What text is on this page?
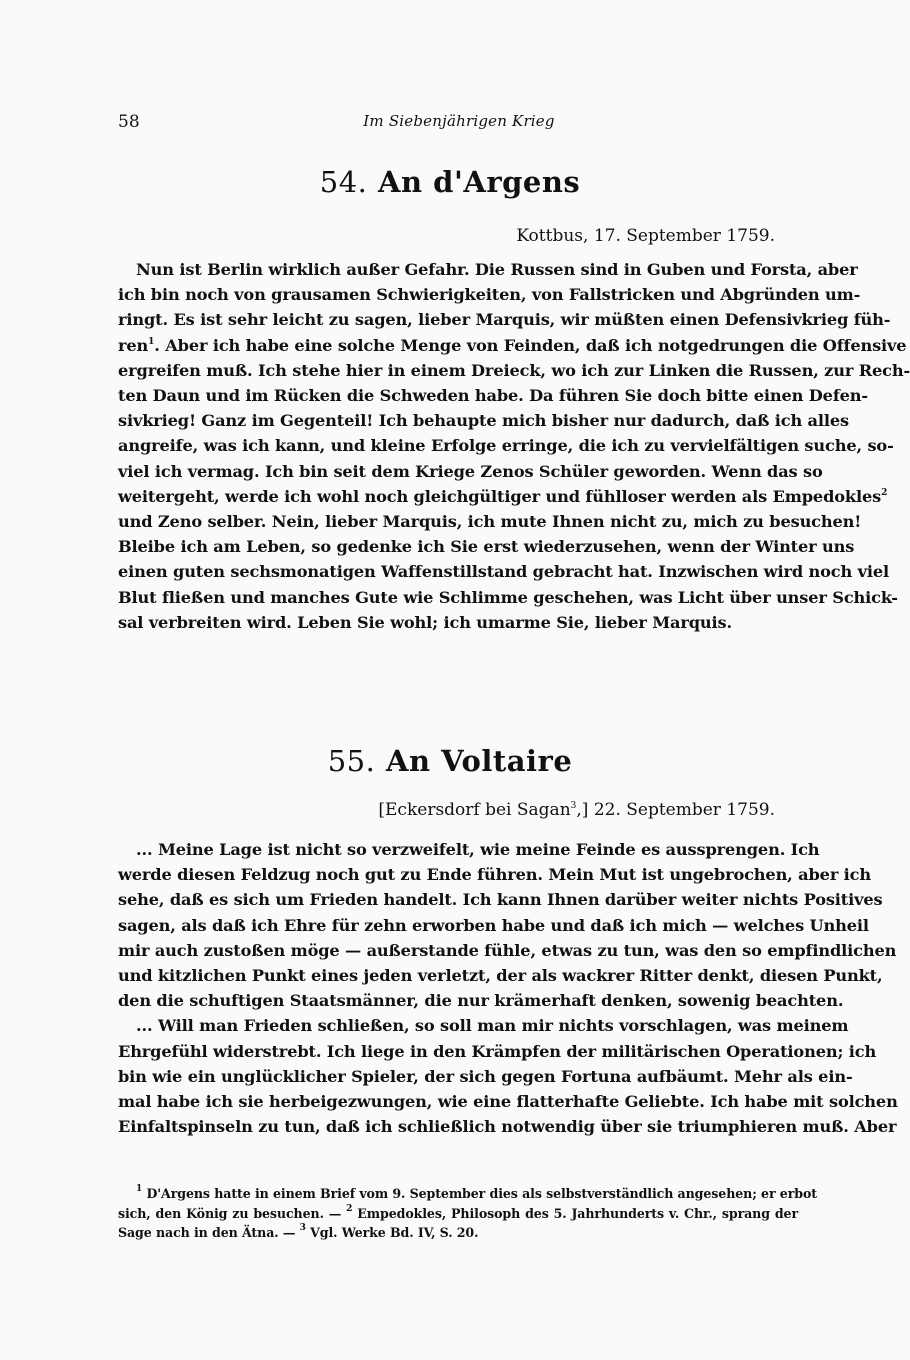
58	Im Siebenjährigen Krieg
54. An d'Argens
Kottbus, 17. September 1759.
Nun ist Berlin wirklich außer Gefahr. Die Russen sind in Guben und Forsta, aber
ich bin noch von grausamen Schwierigkeiten, von Fallstricken und Abgründen um-
ringt. Es ist sehr leicht zu sagen, lieber Marquis, wir müßten einen Defensivkrieg füh-
ren$^1$. Aber ich habe eine solche Menge von Feinden, daß ich notgedrungen die Offensive
ergreifen muß. Ich stehe hier in einem Dreieck, wo ich zur Linken die Russen, zur Rech-
ten Daun und im Rücken die Schweden habe. Da führen Sie doch bitte einen Defen-
sivkrieg! Ganz im Gegenteil! Ich behaupte mich bisher nur dadurch, daß ich alles
angreife, was ich kann, und kleine Erfolge erringe, die ich zu vervielfältigen suche, so-
viel ich vermag. Ich bin seit dem Kriege Zenos Schüler geworden. Wenn das so
weitergeht, werde ich wohl noch gleichgültiger und fühlloser werden als Empedokles$^2$
und Zeno selber. Nein, lieber Marquis, ich mute Ihnen nicht zu, mich zu besuchen!
Bleibe ich am Leben, so gedenke ich Sie erst wiederzusehen, wenn der Winter uns
einen guten sechsmonatigen Waffenstillstand gebracht hat. Inzwischen wird noch viel
Blut fließen und manches Gute wie Schlimme geschehen, was Licht über unser Schick-
sal verbreiten wird. Leben Sie wohl; ich umarme Sie, lieber Marquis.
55. An Voltaire
[Eckersdorf bei Sagan$^3$,] 22. September 1759.
... Meine Lage ist nicht so verzweifelt, wie meine Feinde es aussprengen. Ich
werde diesen Feldzug noch gut zu Ende führen. Mein Mut ist ungebrochen, aber ich
sehe, daß es sich um Frieden handelt. Ich kann Ihnen darüber weiter nichts Positives
sagen, als daß ich Ehre für zehn erworben habe und daß ich mich — welches Unheil
mir auch zustoßen möge — außerstande fühle, etwas zu tun, was den so empfindlichen
und kitzlichen Punkt eines jeden verletzt, der als wackrer Ritter denkt, diesen Punkt,
den die schuftigen Staatsmänner, die nur krämerhaft denken, sowenig beachten.
... Will man Frieden schließen, so soll man mir nichts vorschlagen, was meinem
Ehrgefühl widerstrebt. Ich liege in den Krämpfen der militärischen Operationen; ich
bin wie ein unglücklicher Spieler, der sich gegen Fortuna aufbäumt. Mehr als ein-
mal habe ich sie herbeigezwungen, wie eine flatterhafte Geliebte. Ich habe mit solchen
Einfaltspinseln zu tun, daß ich schließlich notwendig über sie triumphieren muß. Aber
$^1$ D'Argens hatte in einem Brief vom 9. September dies als selbstverständlich angesehen; er erbot
sich, den König zu besuchen. — $^2$ Empedokles, Philosoph des 5. Jahrhunderts v. Chr., sprang der
Sage nach in den Ätna. — $^3$ Vgl. Werke Bd. IV, S. 20.
